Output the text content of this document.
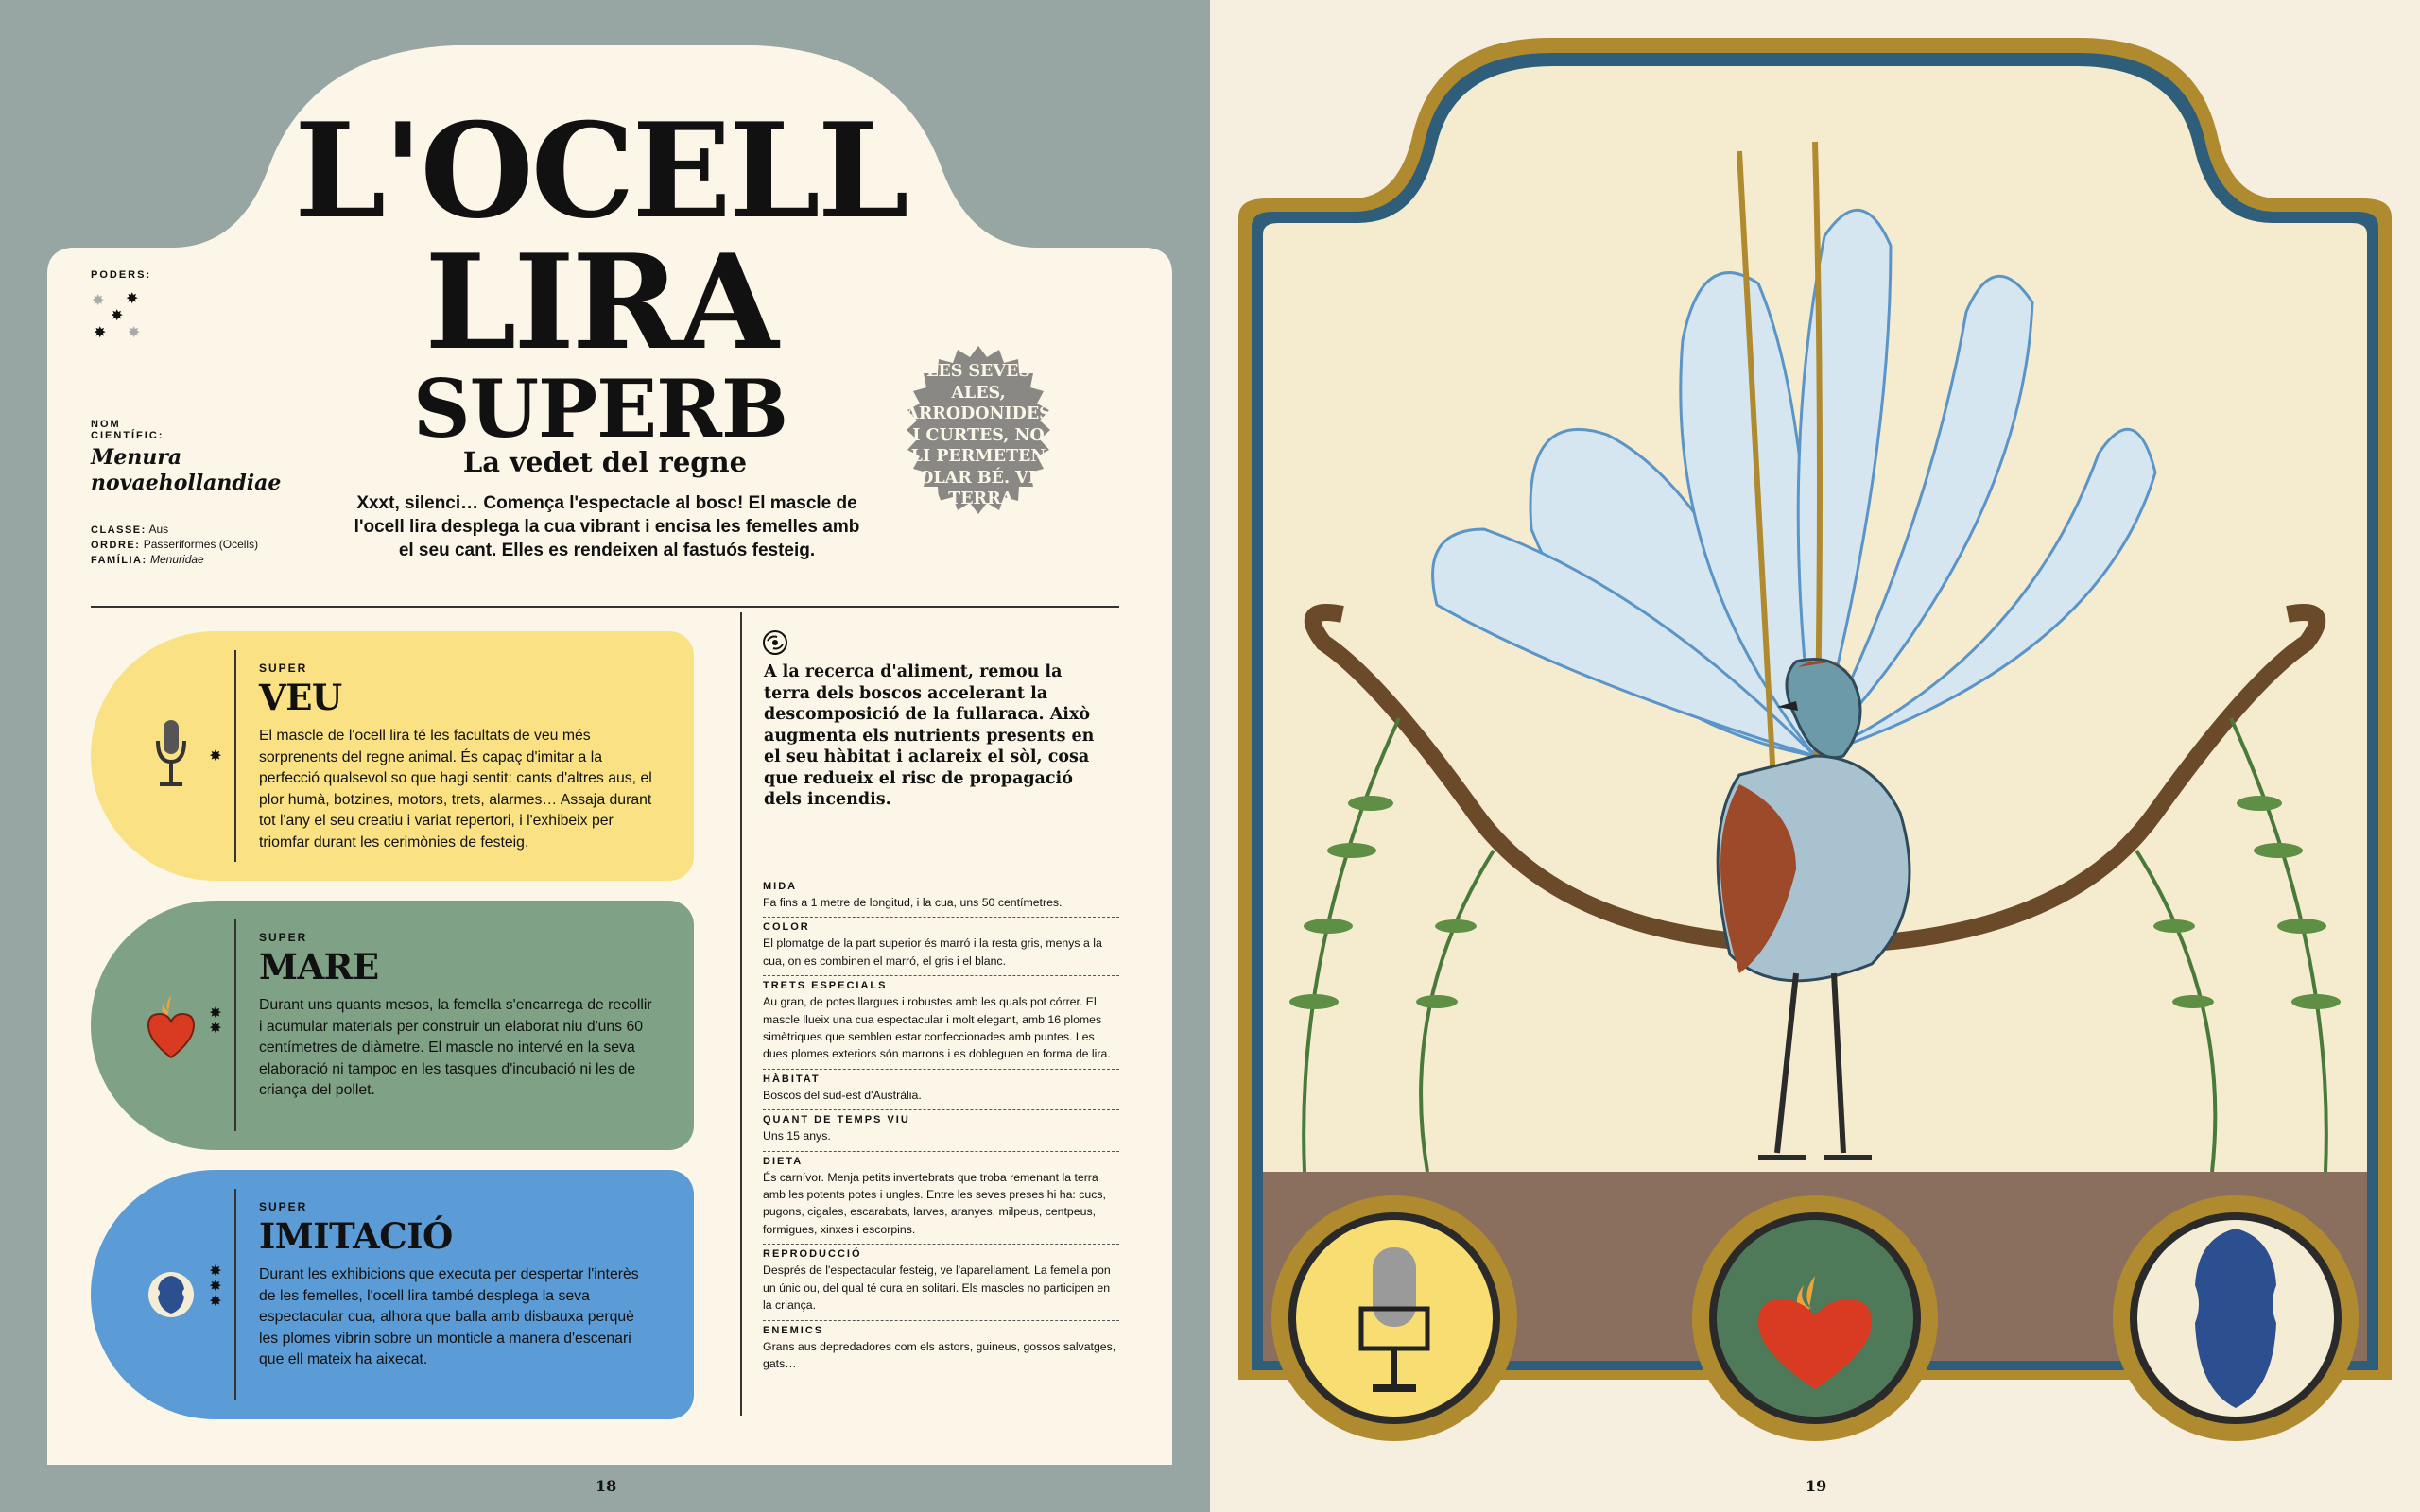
L'OCELL
LIRA
SUPERB
La vedet del regne
Xxxt, silenci… Comença l'espectacle al bosc! El mascle de l'ocell lira desplega la cua vibrant i encisa les femelles amb el seu cant. Elles es rendeixen al fastuós festeig.
PODERS:
✸ ✸
✸
✸ ✸
NOM
CIENTÍFIC:
Menura
novaehollandiae
CLASSE: Aus
ORDRE: Passeriformes (Ocells)
FAMÍLIA: Menuridae
LES SEVES ALES, ARRODONIDES I CURTES, NO LI PERMETEN VOLAR BÉ. VIU A TERRA I DORM ALS ARBRES.
✸
SUPER
VEU
El mascle de l'ocell lira té les facultats de veu més sorprenents del regne animal. És capaç d'imitar a la perfecció qualsevol so que hagi sentit: cants d'altres aus, el plor humà, botzines, motors, trets, alarmes… Assaja durant tot l'any el seu creatiu i variat repertori, i l'exhibeix per triomfar durant les cerimònies de festeig.
✸ ✸
SUPER
MARE
Durant uns quants mesos, la femella s'encarrega de recollir i acumular materials per construir un elaborat niu d'uns 60 centímetres de diàmetre. El mascle no intervé en la seva elaboració ni tampoc en les tasques d'incubació ni les de criança del pollet.
✸ ✸ ✸
SUPER
IMITACIÓ
Durant les exhibicions que executa per despertar l'interès de les femelles, l'ocell lira també desplega la seva espectacular cua, alhora que balla amb disbauxa perquè les plomes vibrin sobre un monticle a manera d'escenari que ell mateix ha aixecat.
A la recerca d'aliment, remou la terra dels boscos accelerant la descomposició de la fullaraca. Això augmenta els nutrients presents en el seu hàbitat i aclareix el sòl, cosa que redueix el risc de propagació dels incendis.
MIDA
Fa fins a 1 metre de longitud, i la cua, uns 50 centímetres.
COLOR
El plomatge de la part superior és marró i la resta gris, menys a la cua, on es combinen el marró, el gris i el blanc.
TRETS ESPECIALS
Au gran, de potes llargues i robustes amb les quals pot córrer. El mascle llueix una cua espectacular i molt elegant, amb 16 plomes simètriques que semblen estar confeccionades amb puntes. Les dues plomes exteriors són marrons i es dobleguen en forma de lira.
HÀBITAT
Boscos del sud-est d'Austràlia.
QUANT DE TEMPS VIU
Uns 15 anys.
DIETA
És carnívor. Menja petits invertebrats que troba remenant la terra amb les potents potes i ungles. Entre les seves preses hi ha: cucs, pugons, cigales, escarabats, larves, aranyes, milpeus, centpeus, formigues, xinxes i escorpins.
REPRODUCCIÓ
Després de l'espectacular festeig, ve l'aparellament. La femella pon un únic ou, del qual té cura en solitari. Els mascles no participen en la criança.
ENEMICS
Grans aus depredadores com els astors, guineus, gossos salvatges, gats…
18	19
